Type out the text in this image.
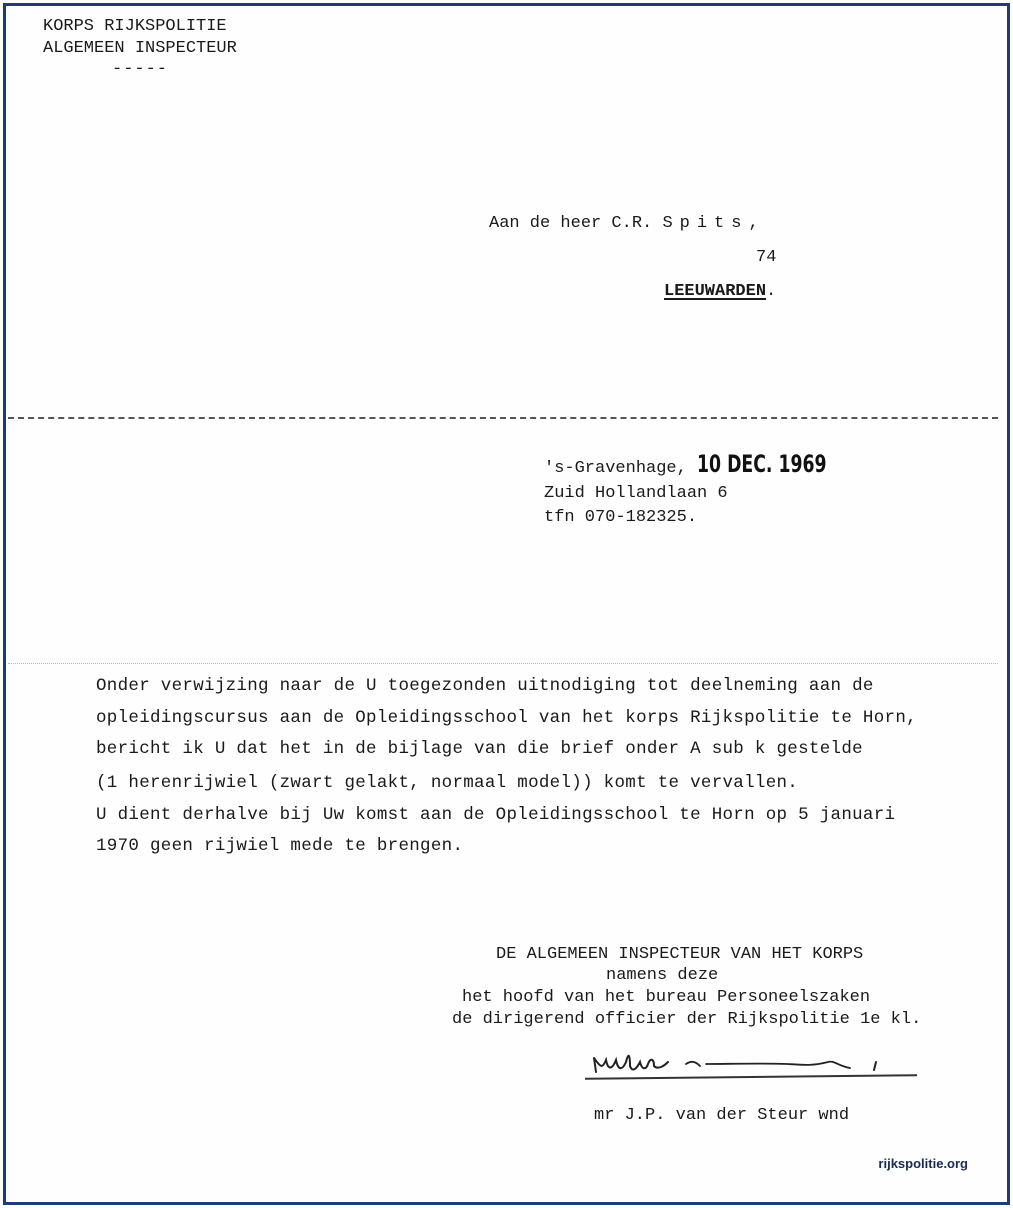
KORPS RIJKSPOLITIE
ALGEMEEN INSPECTEUR
-----
Aan de heer C.R. Spits,
74
LEEUWARDEN.
's-Gravenhage, 10 DEC. 1969
Zuid Hollandlaan 6
tfn 070-182325.
Onder verwijzing naar de U toegezonden uitnodiging tot deelneming aan de
opleidingscursus aan de Opleidingsschool van het korps Rijkspolitie te Horn,
bericht ik U dat het in de bijlage van die brief onder A sub k gestelde
(1 herenrijwiel (zwart gelakt, normaal model)) komt te vervallen.
U dient derhalve bij Uw komst aan de Opleidingsschool te Horn op 5 januari
1970 geen rijwiel mede te brengen.
DE ALGEMEEN INSPECTEUR VAN HET KORPS
namens deze
het hoofd van het bureau Personeelszaken
de dirigerend officier der Rijkspolitie 1e kl.
mr J.P. van der Steur wnd
rijkspolitie.org
